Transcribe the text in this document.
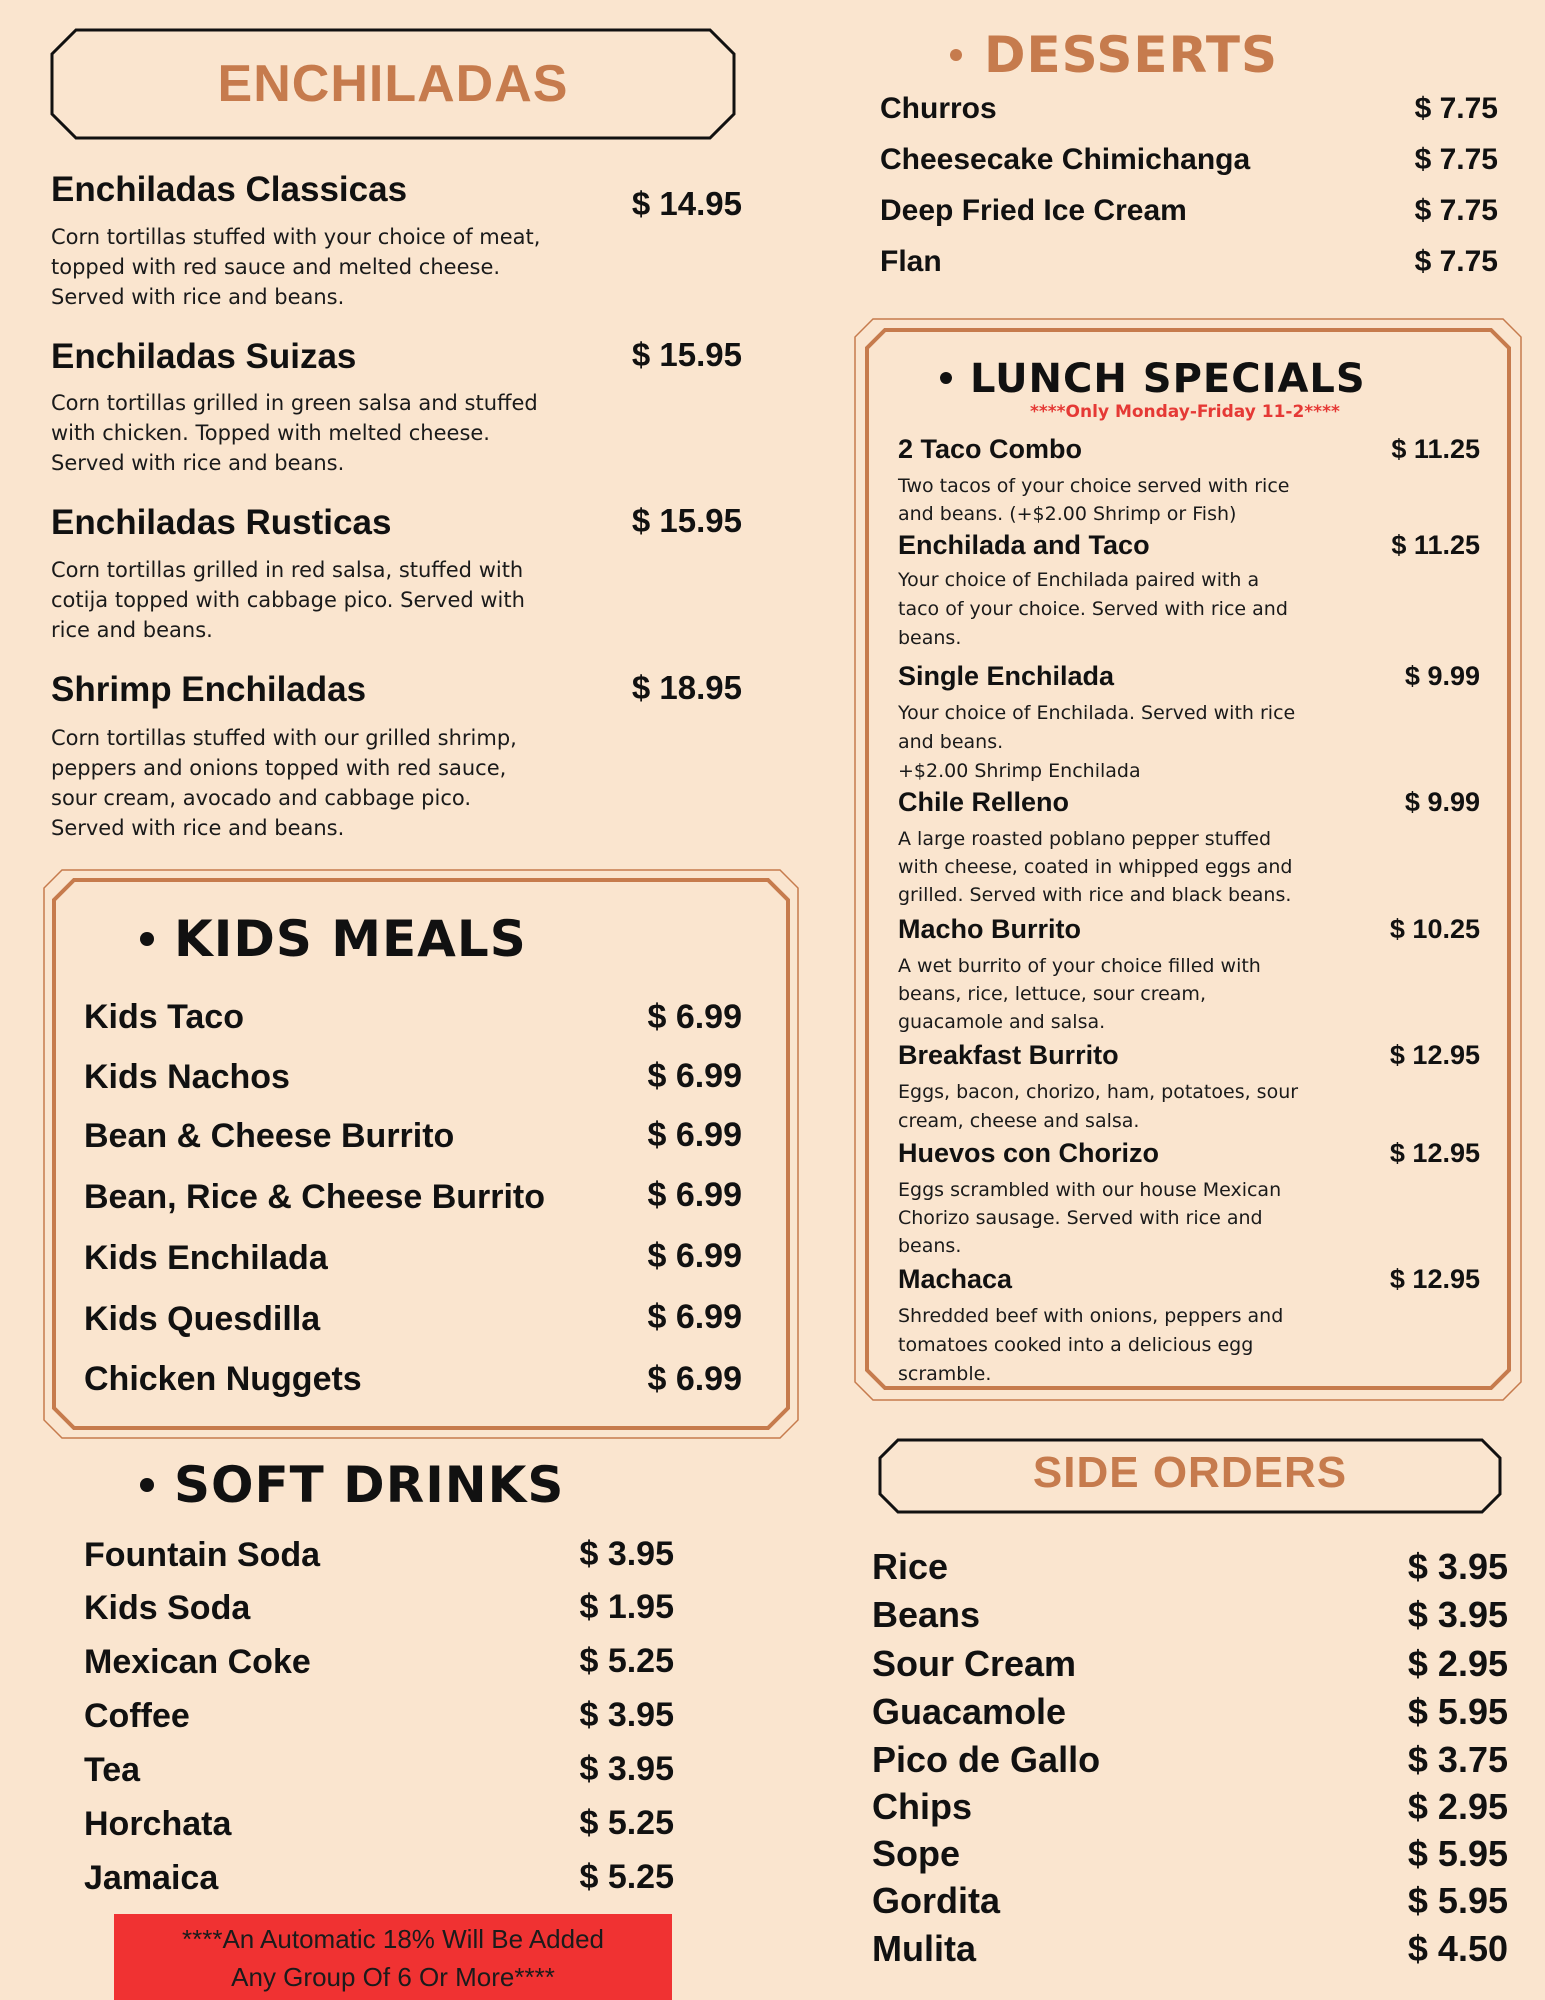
ENCHILADAS
Enchiladas Classicas	$ 14.95
Corn tortillas stuffed with your choice of meat,
topped with red sauce and melted cheese.
Served with rice and beans.
Enchiladas Suizas	$ 15.95
Corn tortillas grilled in green salsa and stuffed
with chicken. Topped with melted cheese.
Served with rice and beans.
Enchiladas Rusticas	$ 15.95
Corn tortillas grilled in red salsa, stuffed with
cotija topped with cabbage pico. Served with
rice and beans.
Shrimp Enchiladas	$ 18.95
Corn tortillas stuffed with our grilled shrimp,
peppers and onions topped with red sauce,
sour cream, avocado and cabbage pico.
Served with rice and beans.
KIDS MEALS
Kids Taco	$ 6.99
Kids Nachos	$ 6.99
Bean & Cheese Burrito	$ 6.99
Bean, Rice & Cheese Burrito	$ 6.99
Kids Enchilada	$ 6.99
Kids Quesdilla	$ 6.99
Chicken Nuggets	$ 6.99
SOFT DRINKS
Fountain Soda	$ 3.95
Kids Soda	$ 1.95
Mexican Coke	$ 5.25
Coffee	$ 3.95
Tea	$ 3.95
Horchata	$ 5.25
Jamaica	$ 5.25
****An Automatic 18% Will Be Added
Any Group Of 6 Or More****
DESSERTS
Churros	$ 7.75
Cheesecake Chimichanga	$ 7.75
Deep Fried Ice Cream	$ 7.75
Flan	$ 7.75
LUNCH SPECIALS
****Only Monday-Friday 11-2****
2 Taco Combo	$ 11.25
Two tacos of your choice served with rice
and beans. (+$2.00 Shrimp or Fish)
Enchilada and Taco	$ 11.25
Your choice of Enchilada paired with a
taco of your choice. Served with rice and
beans.
Single Enchilada	$ 9.99
Your choice of Enchilada. Served with rice
and beans.
+$2.00 Shrimp Enchilada
Chile Relleno	$ 9.99
A large roasted poblano pepper stuffed
with cheese, coated in whipped eggs and
grilled. Served with rice and black beans.
Macho Burrito	$ 10.25
A wet burrito of your choice filled with
beans, rice, lettuce, sour cream,
guacamole and salsa.
Breakfast Burrito	$ 12.95
Eggs, bacon, chorizo, ham, potatoes, sour
cream, cheese and salsa.
Huevos con Chorizo	$ 12.95
Eggs scrambled with our house Mexican
Chorizo sausage. Served with rice and
beans.
Machaca	$ 12.95
Shredded beef with onions, peppers and
tomatoes cooked into a delicious egg
scramble.
SIDE ORDERS
Rice	$ 3.95
Beans	$ 3.95
Sour Cream	$ 2.95
Guacamole	$ 5.95
Pico de Gallo	$ 3.75
Chips	$ 2.95
Sope	$ 5.95
Gordita	$ 5.95
Mulita	$ 4.50
